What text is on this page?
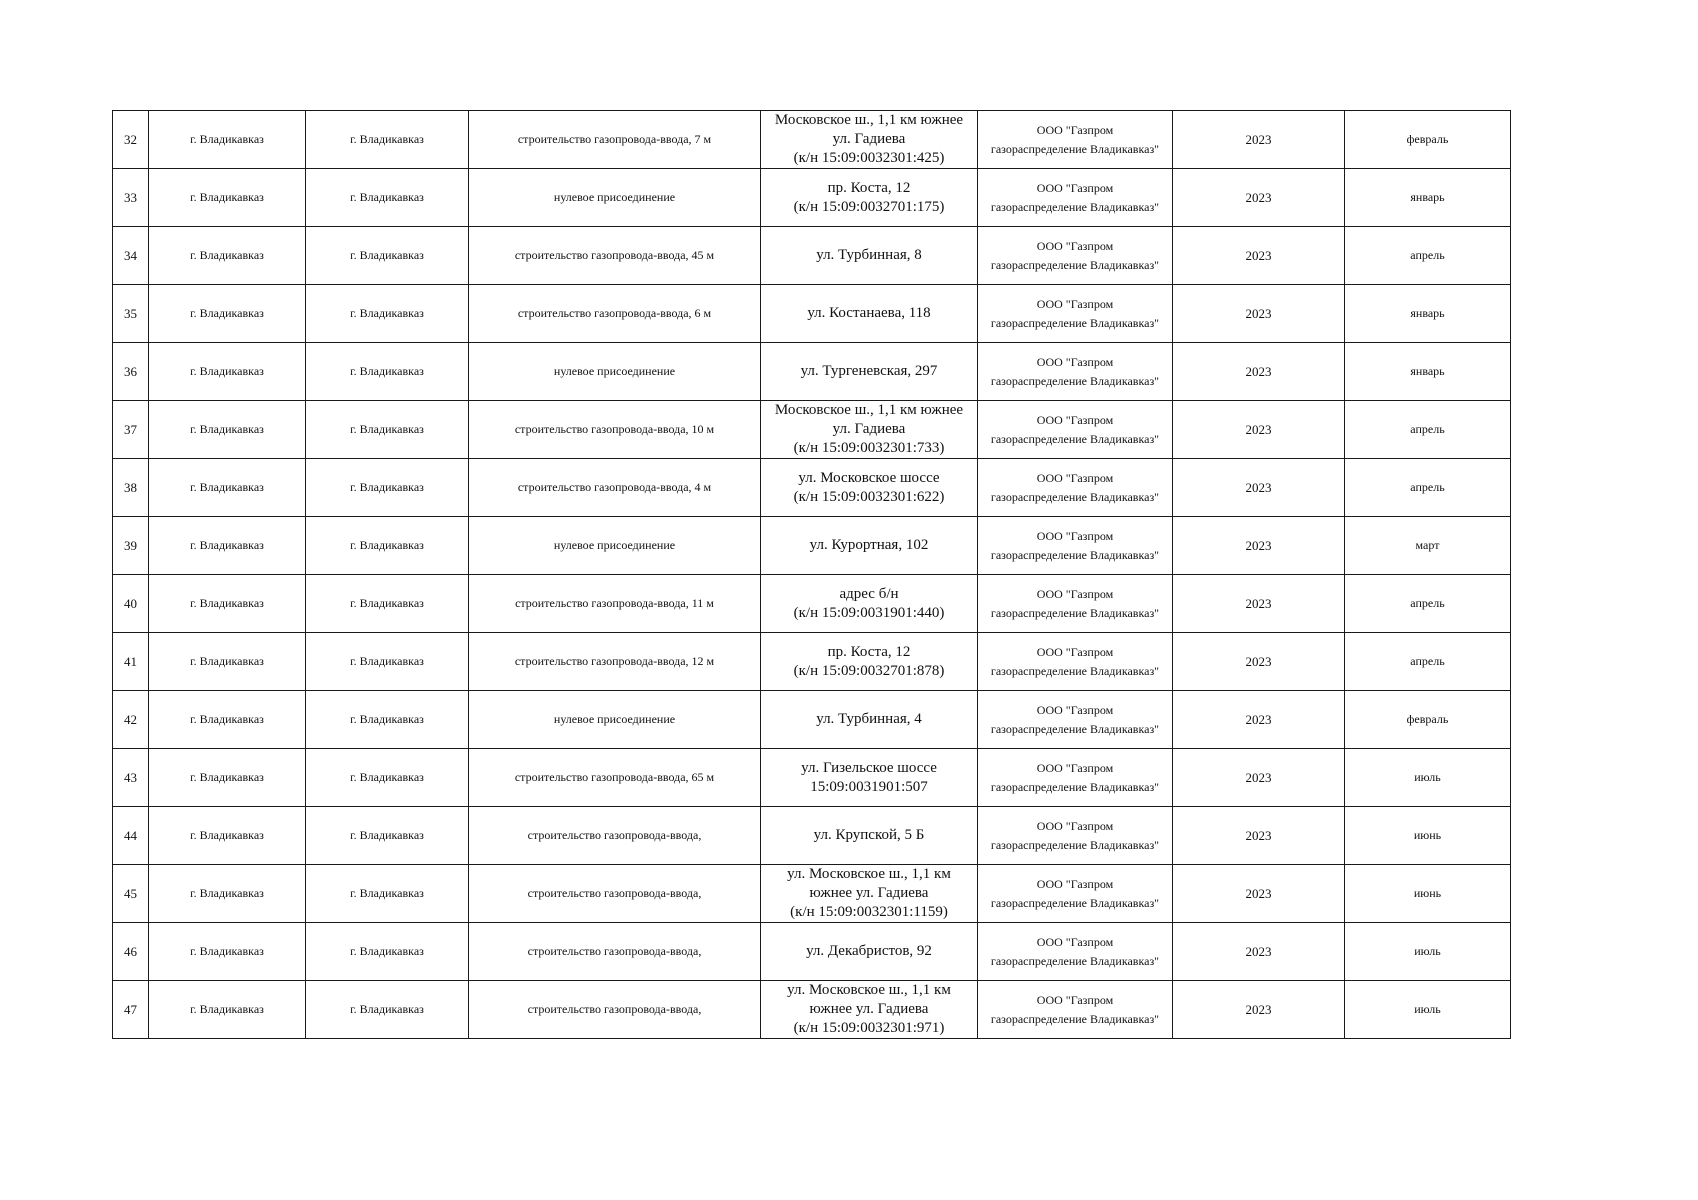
32	г. Владикавказ	г. Владикавказ	строительство газопровода-ввода, 7 м	Московское ш., 1,1 км южнее
ул. Гадиева
(к/н 15:09:0032301:425)	ООО "Газпром
газораспределение Владикавказ"	2023	февраль
33	г. Владикавказ	г. Владикавказ	нулевое присоединение	пр. Коста, 12
(к/н 15:09:0032701:175)	ООО "Газпром
газораспределение Владикавказ"	2023	январь
34	г. Владикавказ	г. Владикавказ	строительство газопровода-ввода, 45 м	ул. Турбинная, 8	ООО "Газпром
газораспределение Владикавказ"	2023	апрель
35	г. Владикавказ	г. Владикавказ	строительство газопровода-ввода, 6 м	ул. Костанаева, 118	ООО "Газпром
газораспределение Владикавказ"	2023	январь
36	г. Владикавказ	г. Владикавказ	нулевое присоединение	ул. Тургеневская, 297	ООО "Газпром
газораспределение Владикавказ"	2023	январь
37	г. Владикавказ	г. Владикавказ	строительство газопровода-ввода, 10 м	Московское ш., 1,1 км южнее
ул. Гадиева
(к/н 15:09:0032301:733)	ООО "Газпром
газораспределение Владикавказ"	2023	апрель
38	г. Владикавказ	г. Владикавказ	строительство газопровода-ввода, 4 м	ул. Московское шоссе
(к/н 15:09:0032301:622)	ООО "Газпром
газораспределение Владикавказ"	2023	апрель
39	г. Владикавказ	г. Владикавказ	нулевое присоединение	ул. Курортная, 102	ООО "Газпром
газораспределение Владикавказ"	2023	март
40	г. Владикавказ	г. Владикавказ	строительство газопровода-ввода, 11 м	адрес б/н
(к/н 15:09:0031901:440)	ООО "Газпром
газораспределение Владикавказ"	2023	апрель
41	г. Владикавказ	г. Владикавказ	строительство газопровода-ввода, 12 м	пр. Коста, 12
(к/н 15:09:0032701:878)	ООО "Газпром
газораспределение Владикавказ"	2023	апрель
42	г. Владикавказ	г. Владикавказ	нулевое присоединение	ул. Турбинная, 4	ООО "Газпром
газораспределение Владикавказ"	2023	февраль
43	г. Владикавказ	г. Владикавказ	строительство газопровода-ввода, 65 м	ул. Гизельское шоссе
15:09:0031901:507	ООО "Газпром
газораспределение Владикавказ"	2023	июль
44	г. Владикавказ	г. Владикавказ	строительство газопровода-ввода,	ул. Крупской, 5 Б	ООО "Газпром
газораспределение Владикавказ"	2023	июнь
45	г. Владикавказ	г. Владикавказ	строительство газопровода-ввода,	ул. Московское ш., 1,1 км
южнее ул. Гадиева
(к/н 15:09:0032301:1159)	ООО "Газпром
газораспределение Владикавказ"	2023	июнь
46	г. Владикавказ	г. Владикавказ	строительство газопровода-ввода,	ул. Декабристов, 92	ООО "Газпром
газораспределение Владикавказ"	2023	июль
47	г. Владикавказ	г. Владикавказ	строительство газопровода-ввода,	ул. Московское ш., 1,1 км
южнее ул. Гадиева
(к/н 15:09:0032301:971)	ООО "Газпром
газораспределение Владикавказ"	2023	июль
